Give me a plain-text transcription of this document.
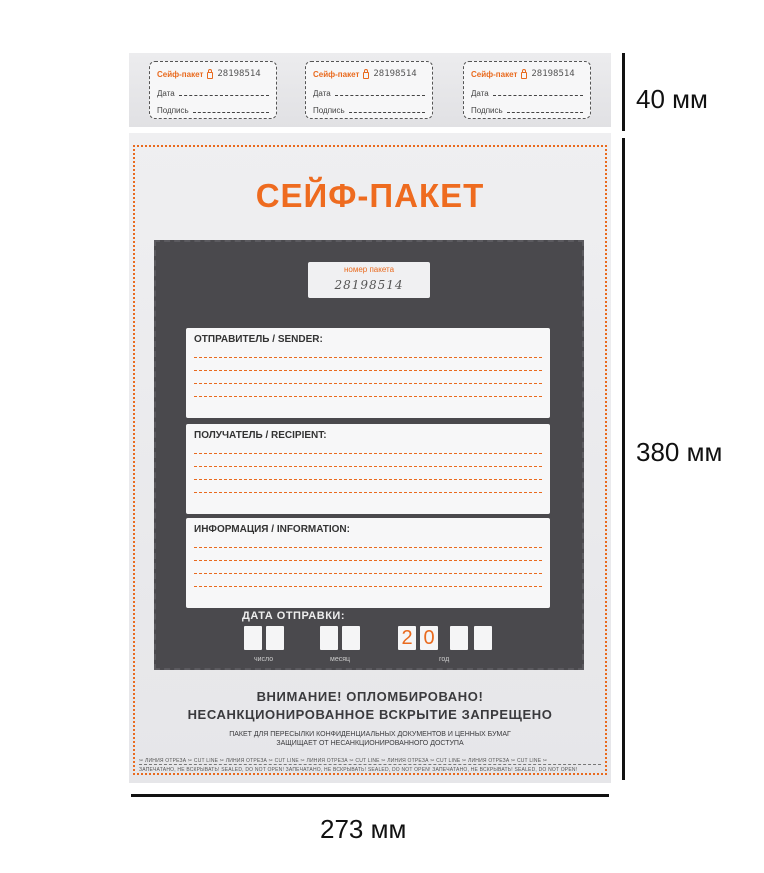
Сейф-пакет 28198514
Дата
Подпись
Сейф-пакет 28198514
Дата
Подпись
Сейф-пакет 28198514
Дата
Подпись
СЕЙФ-ПАКЕТ
номер пакета
28198514
ОТПРАВИТЕЛЬ / SENDER:
ПОЛУЧАТЕЛЬ / RECIPIENT:
ИНФОРМАЦИЯ / INFORMATION:
ДАТА ОТПРАВКИ:
2 0
число	месяц	год
ВНИМАНИЕ! ОПЛОМБИРОВАНО!
НЕСАНКЦИОНИРОВАННОЕ ВСКРЫТИЕ ЗАПРЕЩЕНО
ПАКЕТ ДЛЯ ПЕРЕСЫЛКИ КОНФИДЕНЦИАЛЬНЫХ ДОКУМЕНТОВ И ЦЕННЫХ БУМАГ
ЗАЩИЩАЕТ ОТ НЕСАНКЦИОНИРОВАННОГО ДОСТУПА
✂ ЛИНИЯ ОТРЕЗА ✂ CUT LINE ✂ ЛИНИЯ ОТРЕЗА ✂ CUT LINE ✂ ЛИНИЯ ОТРЕЗА ✂ CUT LINE ✂ ЛИНИЯ ОТРЕЗА ✂ CUT LINE ✂ ЛИНИЯ ОТРЕЗА ✂ CUT LINE ✂
ЗАПЕЧАТАНО, НЕ ВСКРЫВАТЬ! SEALED, DO NOT OPEN! ЗАПЕЧАТАНО, НЕ ВСКРЫВАТЬ! SEALED, DO NOT OPEN! ЗАПЕЧАТАНО, НЕ ВСКРЫВАТЬ! SEALED, DO NOT OPEN!
40 мм
380 мм
273 мм
